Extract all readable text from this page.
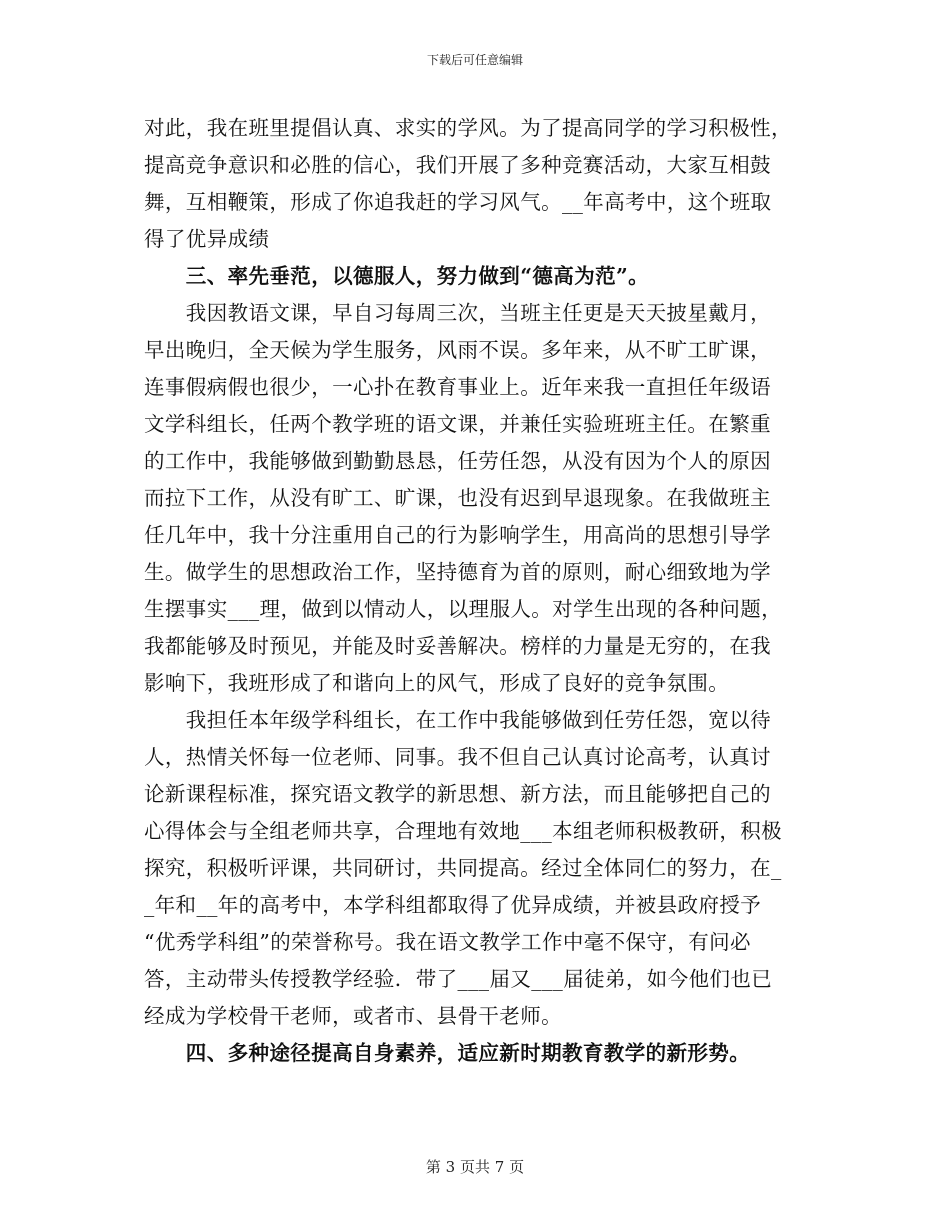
下载后可任意编辑
对此，我在班里提倡认真、求实的学风。为了提高同学的学习积极性，
提高竞争意识和必胜的信心，我们开展了多种竞赛活动，大家互相鼓
舞，互相鞭策，形成了你追我赶的学习风气。__年高考中，这个班取
得了优异成绩
　　三、率先垂范，以德服人，努力做到“德高为范”。
　　我因教语文课，早自习每周三次，当班主任更是天天披星戴月，
早出晚归，全天候为学生服务，风雨不误。多年来，从不旷工旷课，
连事假病假也很少，一心扑在教育事业上。近年来我一直担任年级语
文学科组长，任两个教学班的语文课，并兼任实验班班主任。在繁重
的工作中，我能够做到勤勤恳恳，任劳任怨，从没有因为个人的原因
而拉下工作，从没有旷工、旷课，也没有迟到早退现象。在我做班主
任几年中，我十分注重用自己的行为影响学生，用高尚的思想引导学
生。做学生的思想政治工作，坚持德育为首的原则，耐心细致地为学
生摆事实___理，做到以情动人，以理服人。对学生出现的各种问题，
我都能够及时预见，并能及时妥善解决。榜样的力量是无穷的，在我
影响下，我班形成了和谐向上的风气，形成了良好的竞争氛围。
　　我担任本年级学科组长，在工作中我能够做到任劳任怨，宽以待
人，热情关怀每一位老师、同事。我不但自己认真讨论高考，认真讨
论新课程标准，探究语文教学的新思想、新方法，而且能够把自己的
心得体会与全组老师共享，合理地有效地___本组老师积极教研，积极
探究，积极听评课，共同研讨，共同提高。经过全体同仁的努力，在_
_年和__年的高考中，本学科组都取得了优异成绩，并被县政府授予
“优秀学科组”的荣誉称号。我在语文教学工作中毫不保守，有问必
答，主动带头传授教学经验．带了___届又___届徒弟，如今他们也已
经成为学校骨干老师，或者市、县骨干老师。
　　四、多种途径提高自身素养，适应新时期教育教学的新形势。
第 3 页共 7 页
